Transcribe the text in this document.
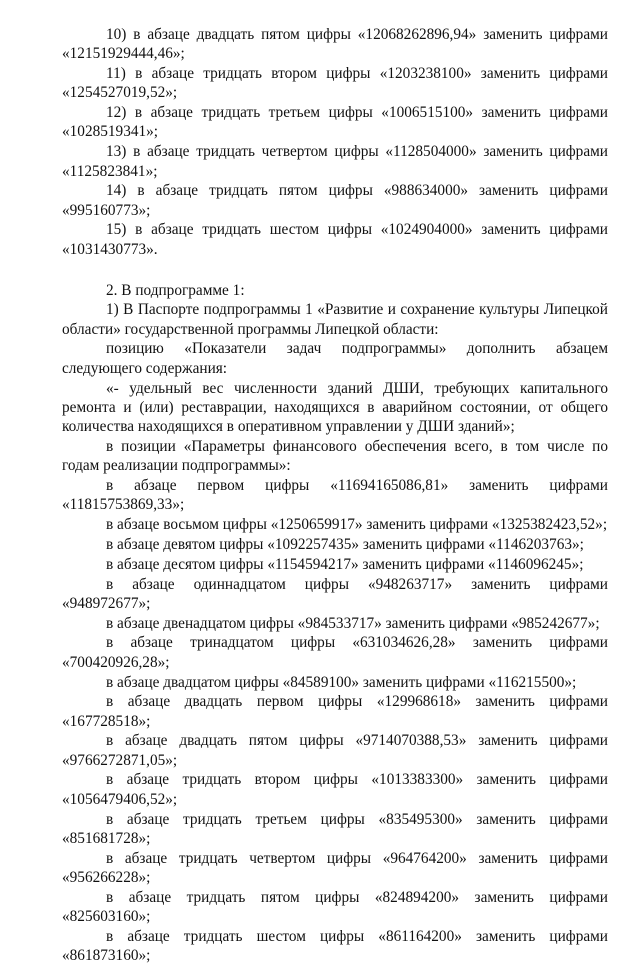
10) в абзаце двадцать пятом цифры «12068262896,94» заменить цифрами «12151929444,46»;

11) в абзаце тридцать втором цифры «1203238100» заменить цифрами «1254527019,52»;

12) в абзаце тридцать третьем цифры «1006515100» заменить цифрами «1028519341»;

13) в абзаце тридцать четвертом цифры «1128504000» заменить цифрами «1125823841»;

14) в абзаце тридцать пятом цифры «988634000» заменить цифрами «995160773»;

15) в абзаце тридцать шестом цифры «1024904000» заменить цифрами «1031430773».

2. В подпрограмме 1:

1) В Паспорте подпрограммы 1 «Развитие и сохранение культуры Липецкой области» государственной программы Липецкой области:

позицию «Показатели задач подпрограммы» дополнить абзацем следующего содержания:

«- удельный вес численности зданий ДШИ, требующих капитального ремонта и (или) реставрации, находящихся в аварийном состоянии, от общего количества находящихся в оперативном управлении у ДШИ зданий»;

в позиции «Параметры финансового обеспечения всего, в том числе по годам реализации подпрограммы»:

в абзаце первом цифры «11694165086,81» заменить цифрами «11815753869,33»;

в абзаце восьмом цифры «1250659917» заменить цифрами «1325382423,52»;

в абзаце девятом цифры «1092257435» заменить цифрами «1146203763»;

в абзаце десятом цифры «1154594217» заменить цифрами «1146096245»;

в абзаце одиннадцатом цифры «948263717» заменить цифрами «948972677»;

в абзаце двенадцатом цифры «984533717» заменить цифрами «985242677»;

в абзаце тринадцатом цифры «631034626,28» заменить цифрами «700420926,28»;

в абзаце двадцатом цифры «84589100» заменить цифрами «116215500»;

в абзаце двадцать первом цифры «129968618» заменить цифрами «167728518»;

в абзаце двадцать пятом цифры «9714070388,53» заменить цифрами «9766272871,05»;

в абзаце тридцать втором цифры «1013383300» заменить цифрами «1056479406,52»;

в абзаце тридцать третьем цифры «835495300» заменить цифрами «851681728»;

в абзаце тридцать четвертом цифры «964764200» заменить цифрами «956266228»;

в абзаце тридцать пятом цифры «824894200» заменить цифрами «825603160»;

в абзаце тридцать шестом цифры «861164200» заменить цифрами «861873160»;
